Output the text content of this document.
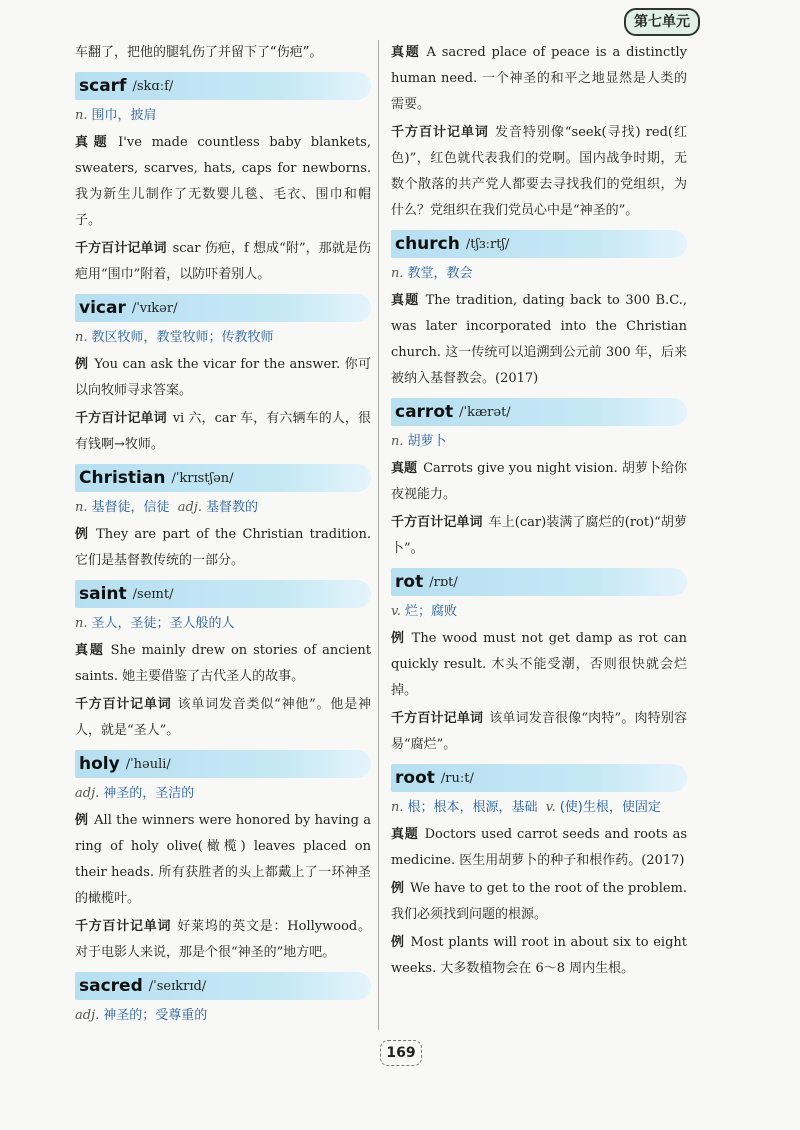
第七单元

车翻了，把他的腿轧伤了并留下了“伤疤”。

scarf /skɑːf/

n. 围巾，披肩

真题 I've made countless baby blankets, sweaters, scarves, hats, caps for newborns. 我为新生儿制作了无数婴儿毯、毛衣、围巾和帽子。

千方百计记单词 scar 伤疤，f 想成“附”，那就是伤疤用“围巾”附着，以防吓着别人。

vicar /ˈvɪkər/

n. 教区牧师，教堂牧师；传教牧师

例 You can ask the vicar for the answer. 你可以向牧师寻求答案。

千方百计记单词 vi 六，car 车，有六辆车的人，很有钱啊→牧师。

Christian /ˈkrɪstʃən/

n. 基督徒，信徒 adj. 基督教的

例 They are part of the Christian tradition. 它们是基督教传统的一部分。

saint /seɪnt/

n. 圣人，圣徒；圣人般的人

真题 She mainly drew on stories of ancient saints. 她主要借鉴了古代圣人的故事。

千方百计记单词 该单词发音类似“神他”。他是神人，就是“圣人”。

holy /ˈhəuli/

adj. 神圣的，圣洁的

例 All the winners were honored by having a ring of holy olive(橄榄) leaves placed on their heads. 所有获胜者的头上都戴上了一环神圣的橄榄叶。

千方百计记单词 好莱坞的英文是：Hollywood。对于电影人来说，那是个很“神圣的”地方吧。

sacred /ˈseɪkrɪd/

adj. 神圣的；受尊重的

真题 A sacred place of peace is a distinctly human need. 一个神圣的和平之地显然是人类的需要。

千方百计记单词 发音特别像“seek(寻找) red(红色)”，红色就代表我们的党啊。国内战争时期，无数个散落的共产党人都要去寻找我们的党组织，为什么？党组织在我们党员心中是“神圣的”。

church /tʃɜːrtʃ/

n. 教堂，教会

真题 The tradition, dating back to 300 B.C., was later incorporated into the Christian church. 这一传统可以追溯到公元前 300 年，后来被纳入基督教会。(2017)

carrot /ˈkærət/

n. 胡萝卜

真题 Carrots give you night vision. 胡萝卜给你夜视能力。

千方百计记单词 车上(car)装满了腐烂的(rot)“胡萝卜”。

rot /rɒt/

v. 烂；腐败

例 The wood must not get damp as rot can quickly result. 木头不能受潮，否则很快就会烂掉。

千方百计记单词 该单词发音很像“肉特”。肉特别容易“腐烂”。

root /ruːt/

n. 根；根本，根源，基础 v. (使)生根，使固定

真题 Doctors used carrot seeds and roots as medicine. 医生用胡萝卜的种子和根作药。(2017)

例 We have to get to the root of the problem. 我们必须找到问题的根源。

例 Most plants will root in about six to eight weeks. 大多数植物会在 6～8 周内生根。

169
